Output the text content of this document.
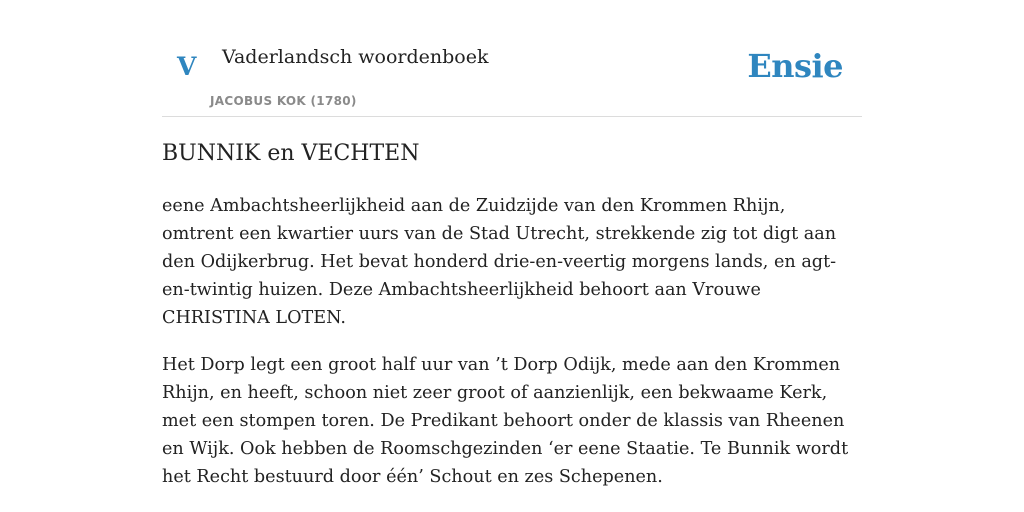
V Vaderlandsch woordenboek
JACOBUS KOK (1780)
Ensie
BUNNIK en VECHTEN

eene Ambachtsheerlijkheid aan de Zuidzijde van den Krommen Rhijn, omtrent een kwartier uurs van de Stad Utrecht, strekkende zig tot digt aan den Odijkerbrug. Het bevat honderd drie-en-veertig morgens lands, en agt-en-twintig huizen. Deze Ambachtsheerlijkheid behoort aan Vrouwe CHRISTINA LOTEN.

Het Dorp legt een groot half uur van ’t Dorp Odijk, mede aan den Krommen Rhijn, en heeft, schoon niet zeer groot of aanzienlijk, een bekwaame Kerk, met een stompen toren. De Predikant behoort onder de klassis van Rheenen en Wijk. Ook hebben de Roomschgezinden ‘er eene Staatie. Te Bunnik wordt het Recht bestuurd door één’ Schout en zes Schepenen.
